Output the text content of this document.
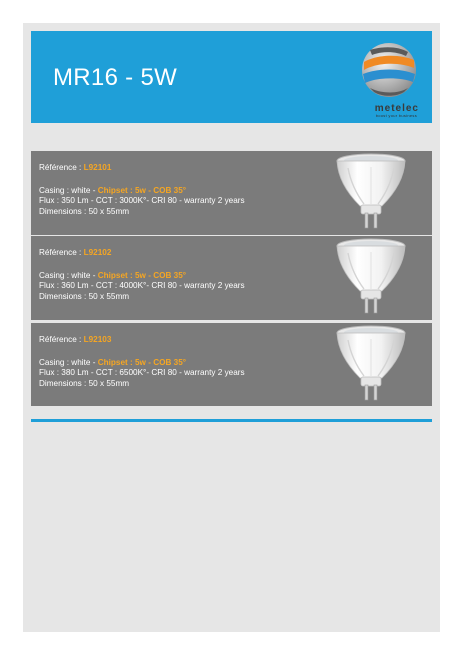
MR16 - 5W
metelec
boost your business
Référence : L92101
Casing : white - Chipset : 5w - COB 35°
Flux : 350 Lm - CCT : 3000K°- CRI 80 - warranty 2 years
Dimensions : 50 x 55mm
Référence : L92102
Casing : white - Chipset : 5w - COB 35°
Flux : 360 Lm - CCT : 4000K°- CRI 80 - warranty 2 years
Dimensions : 50 x 55mm
Référence : L92103
Casing : white - Chipset : 5w - COB 35°
Flux : 380 Lm - CCT : 6500K°- CRI 80 - warranty 2 years
Dimensions : 50 x 55mm
